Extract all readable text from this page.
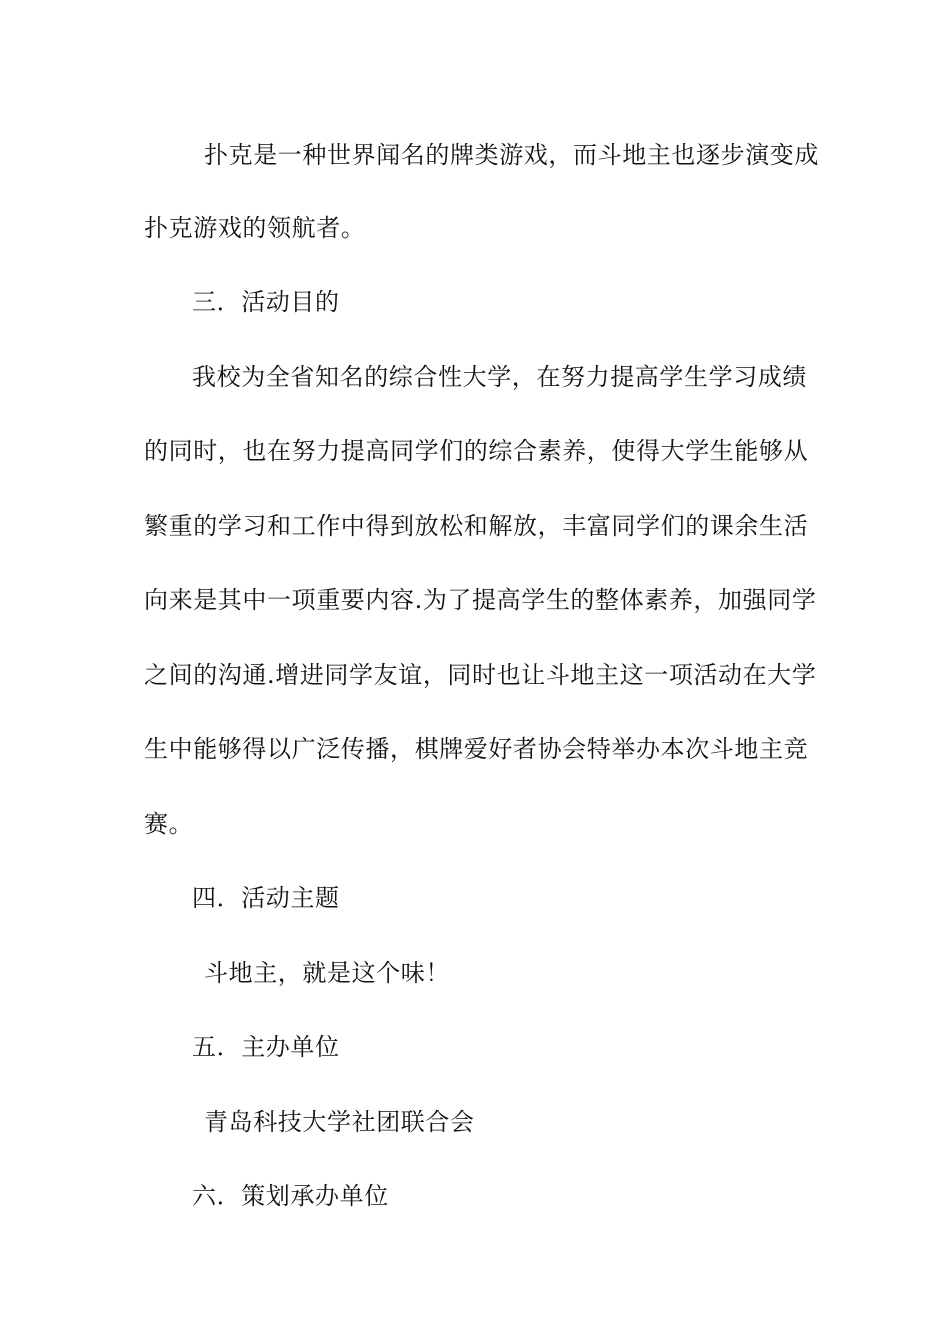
扑克是一种世界闻名的牌类游戏，而斗地主也逐步演变成
扑克游戏的领航者。
三．活动目的
我校为全省知名的综合性大学，在努力提高学生学习成绩
的同时，也在努力提高同学们的综合素养，使得大学生能够从
繁重的学习和工作中得到放松和解放，丰富同学们的课余生活
向来是其中一项重要内容.为了提高学生的整体素养，加强同学
之间的沟通.增进同学友谊，同时也让斗地主这一项活动在大学
生中能够得以广泛传播，棋牌爱好者协会特举办本次斗地主竞
赛。
四．活动主题
斗地主，就是这个味！
五．主办单位
青岛科技大学社团联合会
六．策划承办单位
